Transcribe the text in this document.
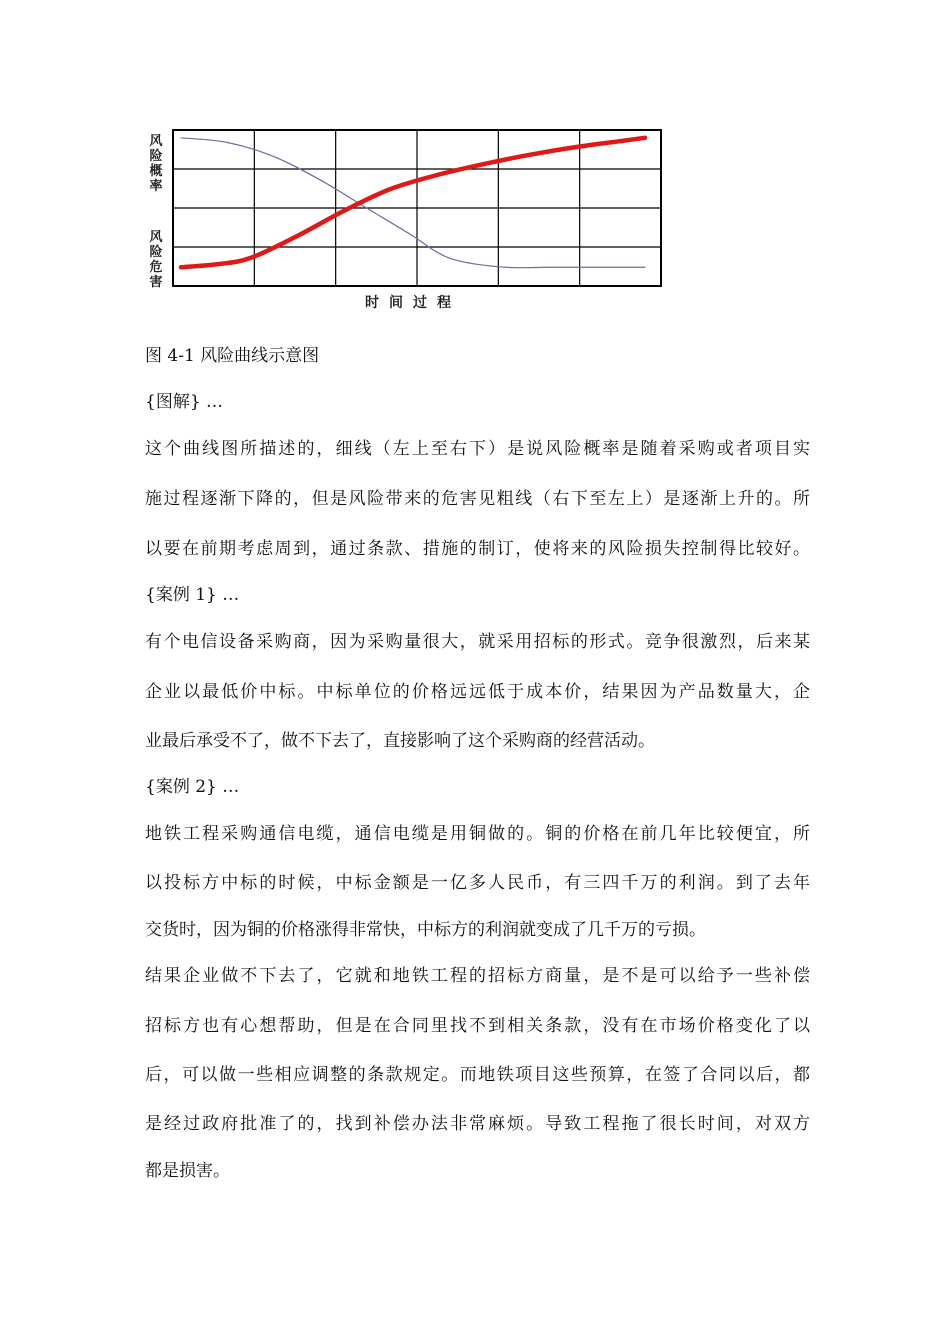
风险概率
风险危害
时间过程
图 4-1 风险曲线示意图
{图解} …
这个曲线图所描述的，细线（左上至右下）是说风险概率是随着采购或者项目实
施过程逐渐下降的，但是风险带来的危害见粗线（右下至左上）是逐渐上升的。所
以要在前期考虑周到，通过条款、措施的制订，使将来的风险损失控制得比较好。
{案例 1} …
有个电信设备采购商，因为采购量很大，就采用招标的形式。竞争很激烈，后来某
企业以最低价中标。中标单位的价格远远低于成本价，结果因为产品数量大，企
业最后承受不了，做不下去了，直接影响了这个采购商的经营活动。
{案例 2} …
地铁工程采购通信电缆，通信电缆是用铜做的。铜的价格在前几年比较便宜，所
以投标方中标的时候，中标金额是一亿多人民币，有三四千万的利润。到了去年
交货时，因为铜的价格涨得非常快，中标方的利润就变成了几千万的亏损。
结果企业做不下去了，它就和地铁工程的招标方商量，是不是可以给予一些补偿
招标方也有心想帮助，但是在合同里找不到相关条款，没有在市场价格变化了以
后，可以做一些相应调整的条款规定。而地铁项目这些预算，在签了合同以后，都
是经过政府批准了的，找到补偿办法非常麻烦。导致工程拖了很长时间，对双方
都是损害。
